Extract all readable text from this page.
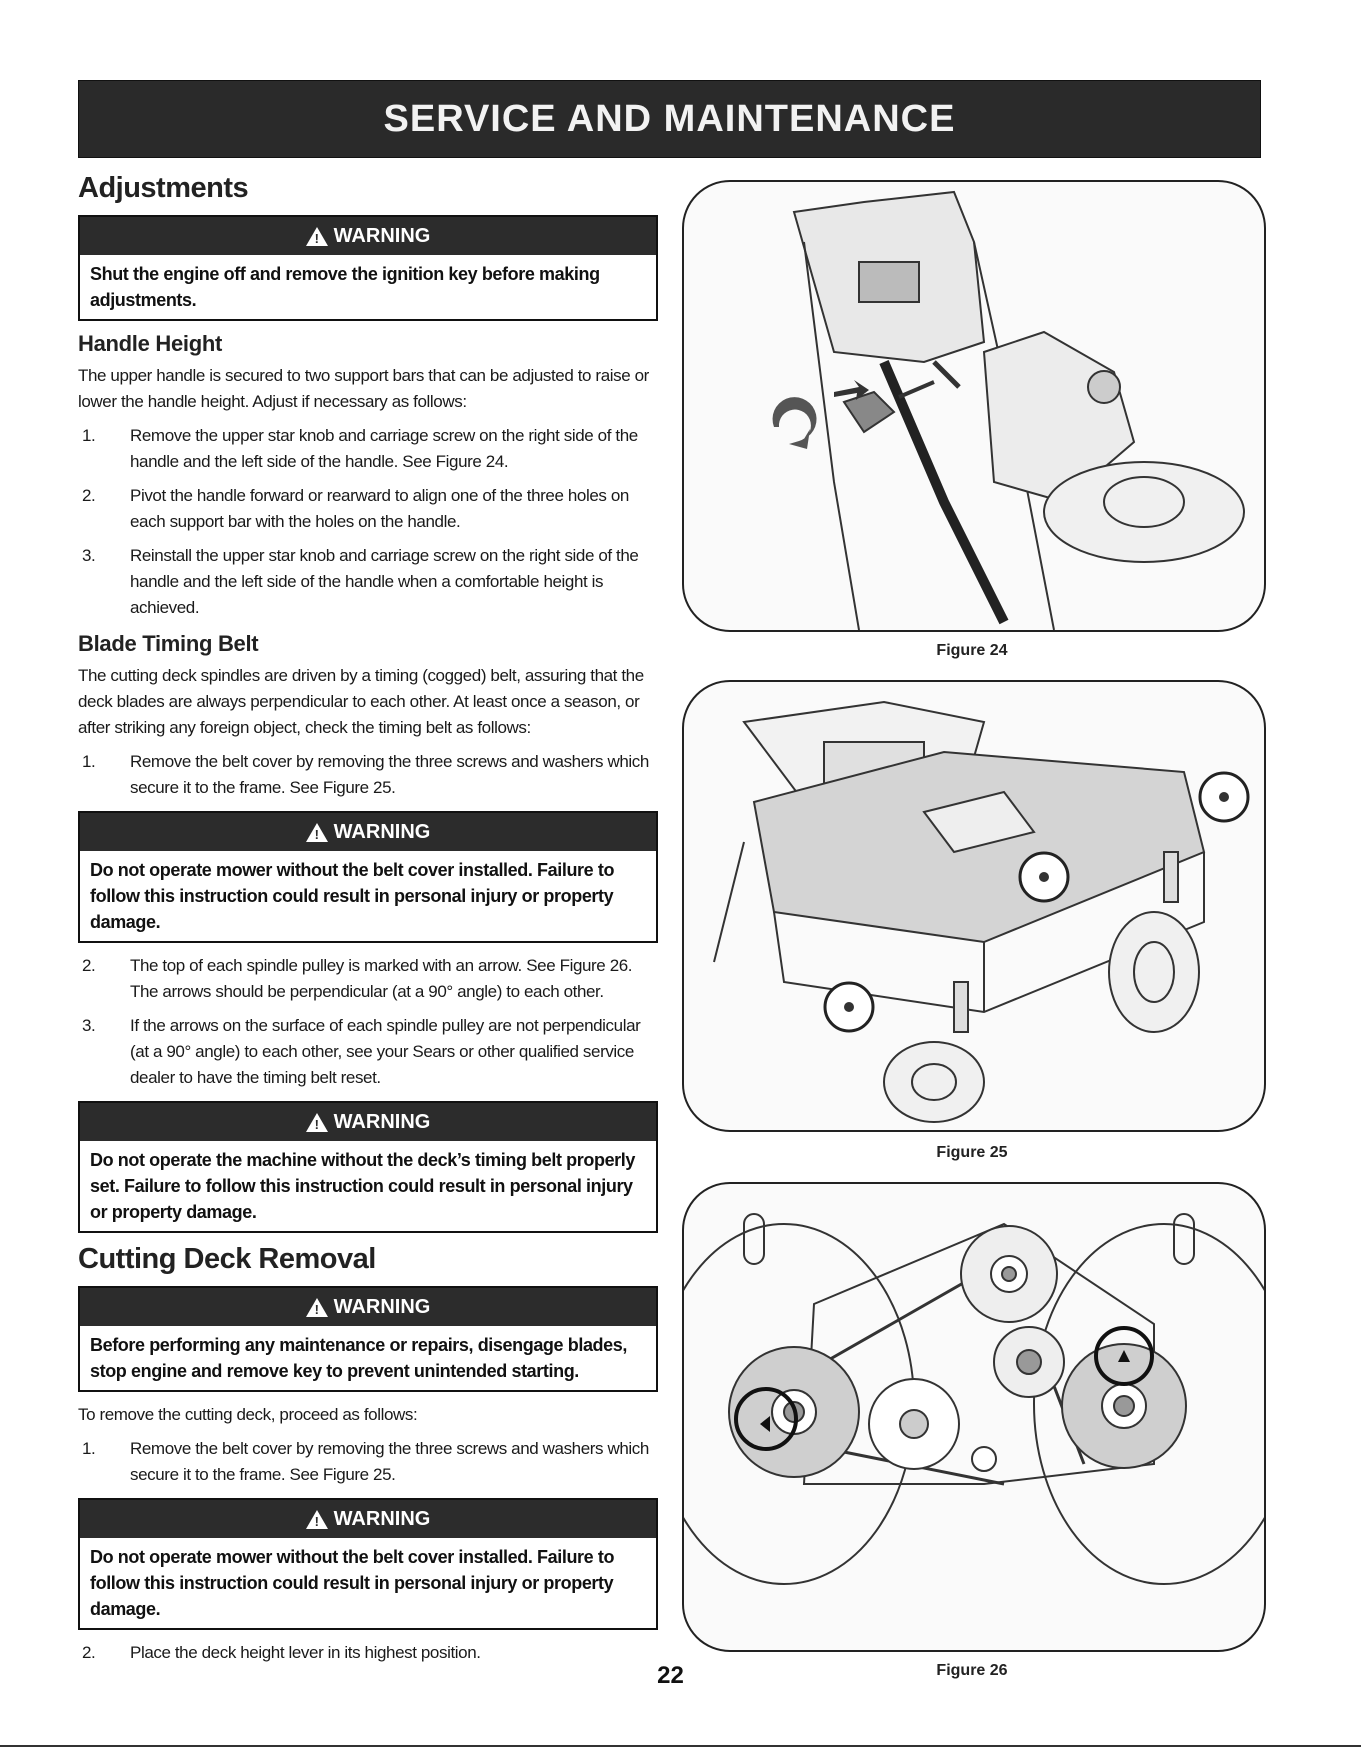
SERVICE AND MAINTENANCE
Adjustments
! WARNING
Shut the engine off and remove the ignition key before making adjustments.
Handle Height

The upper handle is secured to two support bars that can be adjusted to raise or lower the handle height. Adjust if necessary as follows:

1. Remove the upper star knob and carriage screw on the right side of the handle and the left side of the handle. See Figure 24.
2. Pivot the handle forward or rearward to align one of the three holes on each support bar with the holes on the handle.
3. Reinstall the upper star knob and carriage screw on the right side of the handle and the left side of the handle when a comfortable height is achieved.
Blade Timing Belt

The cutting deck spindles are driven by a timing (cogged) belt, assuring that the deck blades are always perpendicular to each other. At least once a season, or after striking any foreign object, check the timing belt as follows:

1. Remove the belt cover by removing the three screws and washers which secure it to the frame. See Figure 25.
! WARNING
Do not operate mower without the belt cover installed. Failure to follow this instruction could result in personal injury or property damage.
2. The top of each spindle pulley is marked with an arrow. See Figure 26. The arrows should be perpendicular (at a 90° angle) to each other.
3. If the arrows on the surface of each spindle pulley are not perpendicular (at a 90° angle) to each other, see your Sears or other qualified service dealer to have the timing belt reset.
! WARNING
Do not operate the machine without the deck’s timing belt properly set. Failure to follow this instruction could result in personal injury or property damage.
Cutting Deck Removal
! WARNING
Before performing any maintenance or repairs, disengage blades, stop engine and remove key to prevent unintended starting.

To remove the cutting deck, proceed as follows:

1. Remove the belt cover by removing the three screws and washers which secure it to the frame. See Figure 25.
! WARNING
Do not operate mower without the belt cover installed. Failure to follow this instruction could result in personal injury or property damage.
2. Place the deck height lever in its highest position.
Figure 24
Figure 25
Figure 26
22
